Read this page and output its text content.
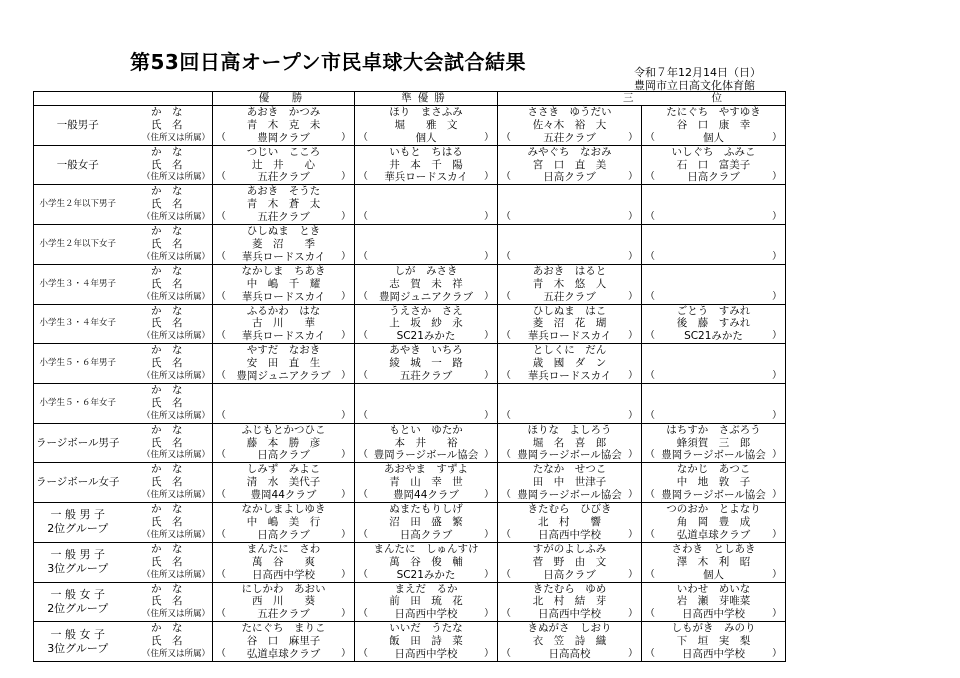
第53回日高オープン市民卓球大会試合結果	令和７年12月14日（日）
豊岡市立日高文化体育館
		優　勝	準優勝	三	位
一般男子	か　な	あおき　かつみ	ほり　まさふみ	ささき　ゆうだい	たにぐち　やすゆき
	氏　名	青　木　克　未	堀　　雅　文	佐々木　裕　大	谷　口　康　幸
	（住所又は所属）	（ 豊岡クラブ ）	（ 個人 ）	（ 五荘クラブ ）	（ 個人 ）

一般女子	か　な	つじい　こころ	いもと　ちはる	みやぐち　なおみ	いしぐち　ふみこ
	氏　名	辻　井　　心	井　本　千　陽	宮　口　直　美	石　口　富美子
	（住所又は所属）	（ 五荘クラブ ）	（ 華兵ロードスカイ ）	（ 日高クラブ ）	（ 日高クラブ ）

小学生２年以下男子	か　な	あおき　そうた			
	氏　名	青　木　蒼　太			
	（住所又は所属）	（ 五荘クラブ ）	（ ）	（ ）	（ ）

小学生２年以下女子	か　な	ひしぬま　とき			
	氏　名	菱　沼　　季			
	（住所又は所属）	（ 華兵ロードスカイ ）	（ ）	（ ）	（ ）

小学生３・４年男子	か　な	なかしま　ちあき	しが　みさき	あおき　はると	
	氏　名	中　嶋　千　耀	志　賀　未　祥	青　木　悠　人	
	（住所又は所属）	（ 華兵ロードスカイ ）	（ 豊岡ジュニアクラブ ）	（ 五荘クラブ ）	（ ）

小学生３・４年女子	か　な	ふるかわ　はな	うえさか　さえ	ひしぬま　はこ	ごとう　すみれ
	氏　名	古　川　　華	上　坂　紗　永	菱　沼　花　瑚	後　藤　すみれ
	（住所又は所属）	（ 華兵ロードスカイ ）	（ SC21みかた ）	（ 華兵ロードスカイ ）	（ SC21みかた ）

小学生５・６年男子	か　な	やすだ　なおき	あやき　いちろ	としくに　だん	
	氏　名	安　田　直　生	綾　城　一　路	歳　國　ダ　ン	
	（住所又は所属）	（ 豊岡ジュニアクラブ ）	（ 五荘クラブ ）	（ 華兵ロードスカイ ）	（ ）

小学生５・６年女子	か　な				
	氏　名				
	（住所又は所属）	（ ）	（ ）	（ ）	（ ）

ラージボール男子	か　な	ふじもとかつひこ	もとい　ゆたか	ほりな　よしろう	はちすか　さぶろう
	氏　名	藤　本　勝　彦	本　井　　裕	堀　名　喜　郎	蜂須賀　三　郎
	（住所又は所属）	（ 日高クラブ ）	（ 豊岡ラージボール協会 ）	（ 豊岡ラージボール協会 ）	（ 豊岡ラージボール協会 ）

ラージボール女子	か　な	しみず　みよこ	あおやま　すずよ	たなか　せつこ	なかじ　あつこ
	氏　名	清　水　美代子	青　山　幸　世	田　中　世津子	中　地　敦　子
	（住所又は所属）	（ 豊岡44クラブ ）	（ 豊岡44クラブ ）	（ 豊岡ラージボール協会 ）	（ 豊岡ラージボール協会 ）

一 般 男 子
2位グループ	か　な	なかしまよしゆき	ぬまたもりしげ	きたむら　ひびき	つのおか　とよなり
	氏　名	中　嶋　美　行	沼　田　盛　繁	北　村　　響	角　岡　豊　成
	（住所又は所属）	（ 日高クラブ ）	（ 日高クラブ ）	（ 日高西中学校 ）	（ 弘道卓球クラブ ）

一 般 男 子
3位グループ	か　な	まんたに　さわ	まんたに　しゅんすけ	すがのよしふみ	さわき　としあき
	氏　名	萬　谷　　爽	萬　谷　俊　輔	菅　野　由　文	澤　木　利　昭
	（住所又は所属）	（ 日高西中学校 ）	（ SC21みかた ）	（ 日高クラブ ）	（ 個人 ）

一 般 女 子
2位グループ	か　な	にしかわ　あおい	まえだ　るか	きたむら　ゆめ	いわせ　めいな
	氏　名	西　川　　葵	前　田　琉　花	北　村　結　芽	岩　瀬　芽唯菜
	（住所又は所属）	（ 五荘クラブ ）	（ 日高西中学校 ）	（ 日高西中学校 ）	（ 日高西中学校 ）

一 般 女 子
3位グループ	か　な	たにぐち　まりこ	いいだ　うたな	きぬがさ　しおり	しもがき　みのり
	氏　名	谷　口　麻里子	飯　田　詩　菜	衣　笠　詩　織	下　垣　実　梨
	（住所又は所属）	（ 弘道卓球クラブ ）	（ 日高西中学校 ）	（ 日高高校 ）	（ 日高西中学校 ）
